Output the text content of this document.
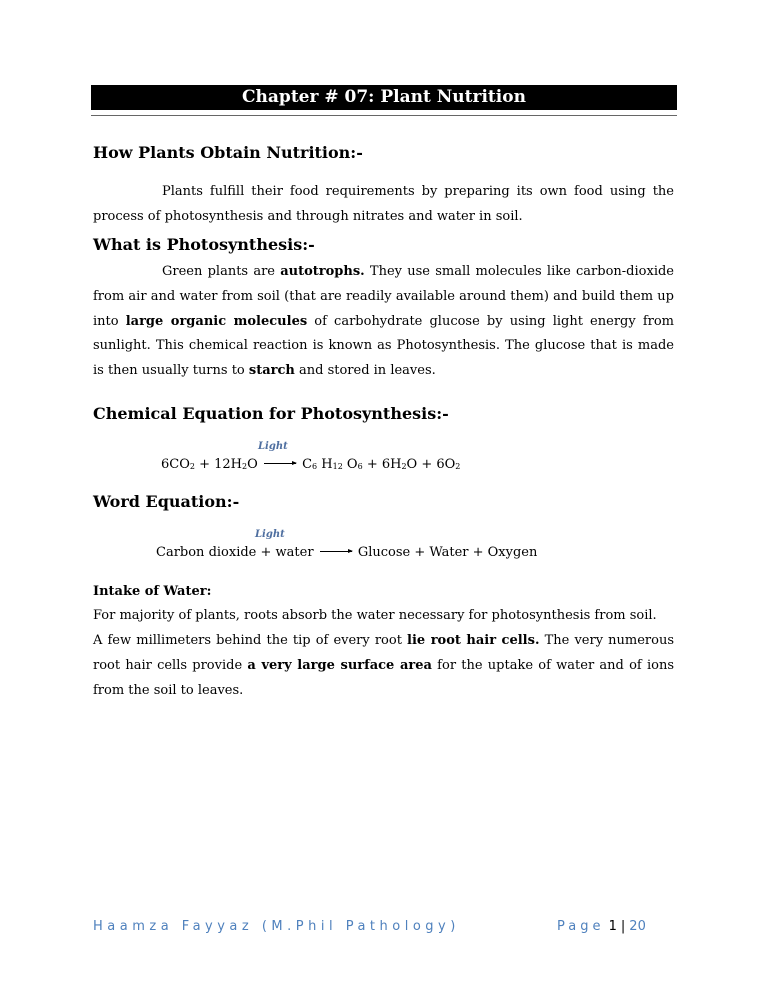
Chapter # 07: Plant Nutrition
How Plants Obtain Nutrition:-

Plants fulfill their food requirements by preparing its own food using the process of photosynthesis and through nitrates and water in soil.

What is Photosynthesis:-

Green plants are autotrophs. They use small molecules like carbon-dioxide from air and water from soil (that are readily available around them) and build them up into large organic molecules of carbohydrate glucose by using light energy from sunlight. This chemical reaction is known as Photosynthesis. The glucose that is made is then usually turns to starch and stored in leaves.

Chemical Equation for Photosynthesis:-
Light
$6CO_2 + 12H_2O \to C_6$ $H_{12}$ $O_6 + 6H_2O + 6O_2$
Word Equation:-
Light
Carbon dioxide + water → Glucose + Water + Oxygen
Intake of Water:

For majority of plants, roots absorb the water necessary for photosynthesis from soil.

A few millimeters behind the tip of every root lie root hair cells. The very numerous root hair cells provide a very large surface area for the uptake of water and of ions from the soil to leaves.

Haamza Fayyaz (M.Phil Pathology)	Page 1 | 20
